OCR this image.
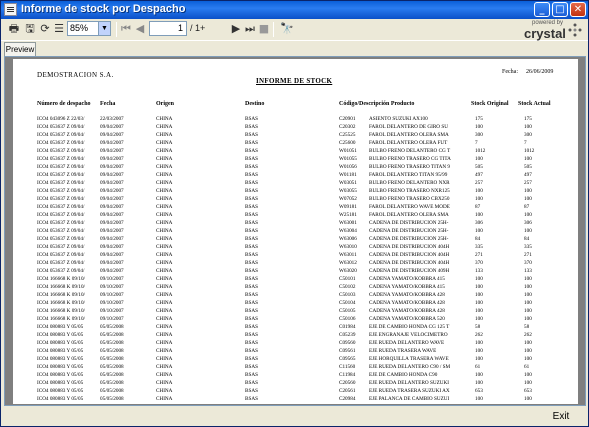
Informe de stock por Despacho	_	□ ✕
🖶 🖫 ⟳ ☰ 85%	▼ ⏮ ◀	1 / 1+ ▶ ⏭ ■ 🔭	powered by
crystal
Preview
DEMOSTRACION S.A.	Fecha: 26/06/2009
INFORME DE STOCK
Número de despacho Fecha	Origen	Destino	Código/Descripción Producto	Stock Original Stock Actual
ICO4 043096 Z 22/03/	22/03/2007	CHINA	BSAS	C20901	ASIENTO SUZUKI AX100	175	175
ICO4 053637 Z 09/04/	09/04/2007	CHINA	BSAS	C20302	FAROL DELANTERO DE GIRO SU	100	100
ICO4 053637 Z 09/04/	09/04/2007	CHINA	BSAS	C25525	FAROL DELANTERO OLERA SMA	300	300
ICO4 053637 Z 09/04/	09/04/2007	CHINA	BSAS	C25600	FAROL DELANTERO OLERA FUT	7	7
ICO4 053637 Z 09/04/	09/04/2007	CHINA	BSAS	W01051	BULBO FRENO DELANTERO CG T	1012	1012
ICO4 053637 Z 09/04/	09/04/2007	CHINA	BSAS	W01055	BULBO FRENO TRASERO CG TITA	100	100
ICO4 053637 Z 09/04/	09/04/2007	CHINA	BSAS	W01056	BULBO FRENO TRASERO TITAN 9	505	505
ICO4 053637 Z 09/04/	09/04/2007	CHINA	BSAS	W01181	FAROL DELANTERO TITAN 95/99	497	497
ICO4 053637 Z 09/04/	09/04/2007	CHINA	BSAS	W03051	BULBO FRENO DELANTERO NXR	257	257
ICO4 053637 Z 09/04/	09/04/2007	CHINA	BSAS	W03055	BULBO FRENO TRASERO NXR125	100	100
ICO4 053637 Z 09/04/	09/04/2007	CHINA	BSAS	W07052	BULBO FRENO TRASERO CBX250	100	100
ICO4 053637 Z 09/04/	09/04/2007	CHINA	BSAS	W09181	FAROL DELANTERO WAVE MODE	87	87
ICO4 053637 Z 09/04/	09/04/2007	CHINA	BSAS	W25181	FAROL DELANTERO OLERA SMA	100	100
ICO4 053637 Z 09/04/	09/04/2007	CHINA	BSAS	W63001	CADENA DE DISTRIBUCION 25H-	306	306
ICO4 053637 Z 09/04/	09/04/2007	CHINA	BSAS	W63004	CADENA DE DISTRIBUCION 25H-	100	100
ICO4 053637 Z 09/04/	09/04/2007	CHINA	BSAS	W63006	CADENA DE DISTRIBUCION 25H-	84	84
ICO4 053637 Z 09/04/	09/04/2007	CHINA	BSAS	W63010	CADENA DE DISTRIBUCION 404H	335	335
ICO4 053637 Z 09/04/	09/04/2007	CHINA	BSAS	W63011	CADENA DE DISTRIBUCION 404H	271	271
ICO4 053637 Z 09/04/	09/04/2007	CHINA	BSAS	W63012	CADENA DE DISTRIBUCION 404H	370	370
ICO4 053637 Z 09/04/	09/04/2007	CHINA	BSAS	W63020	CADENA DE DISTRIBUCION 409H	133	133
ICO4 166668 K 09/10/	09/10/2007	CHINA	BSAS	C50101	CADENA YAMATO/KOBBRA 415	100	100
ICO4 166668 K 09/10/	09/10/2007	CHINA	BSAS	C50102	CADENA YAMATO/KOBBRA 415	100	100
ICO4 166668 K 09/10/	09/10/2007	CHINA	BSAS	C50103	CADENA YAMATO/KOBBRA 428	100	100
ICO4 166668 K 09/10/	09/10/2007	CHINA	BSAS	C50104	CADENA YAMATO/KOBBRA 428	100	100
ICO4 166668 K 09/10/	09/10/2007	CHINA	BSAS	C50105	CADENA YAMATO/KOBBRA 428	100	100
ICO4 166668 K 09/10/	09/10/2007	CHINA	BSAS	C50106	CADENA YAMATO/KOBBRA 520	100	100
ICO4 080883 Y 05/05	05/05/2008	CHINA	BSAS	C01984	EJE DE CAMBIO HONDA CG 125 T	58	58
ICO4 080883 Y 05/05	05/05/2008	CHINA	BSAS	C05239	EJE ENGRANAJE VELOCIMETRO	262	262
ICO4 080883 Y 05/05	05/05/2008	CHINA	BSAS	C09560	EJE RUEDA DELANTERO WAVE	100	100
ICO4 080883 Y 05/05	05/05/2008	CHINA	BSAS	C09561	EJE RUEDA TRASERA WAVE	100	100
ICO4 080883 Y 05/05	05/05/2008	CHINA	BSAS	C09565	EJE HORQUILLA TRASERA WAVE	100	100
ICO4 080883 Y 05/05	05/05/2008	CHINA	BSAS	C11560	EJE RUEDA DELANTERO C90 / SM	61	61
ICO4 080883 Y 05/05	05/05/2008	CHINA	BSAS	C11984	EJE DE CAMBIO HONDA C90	100	100
ICO4 080883 Y 05/05	05/05/2008	CHINA	BSAS	C20560	EJE RUEDA DELANTERO SUZUKI	100	100
ICO4 080883 Y 05/05	05/05/2008	CHINA	BSAS	C20561	EJE RUEDA TRASERA SUZUKI AX	653	653
ICO4 080883 Y 05/05	05/05/2008	CHINA	BSAS	C20984	EJE PALANCA DE CAMBIO SUZUI	100	100
Exit
